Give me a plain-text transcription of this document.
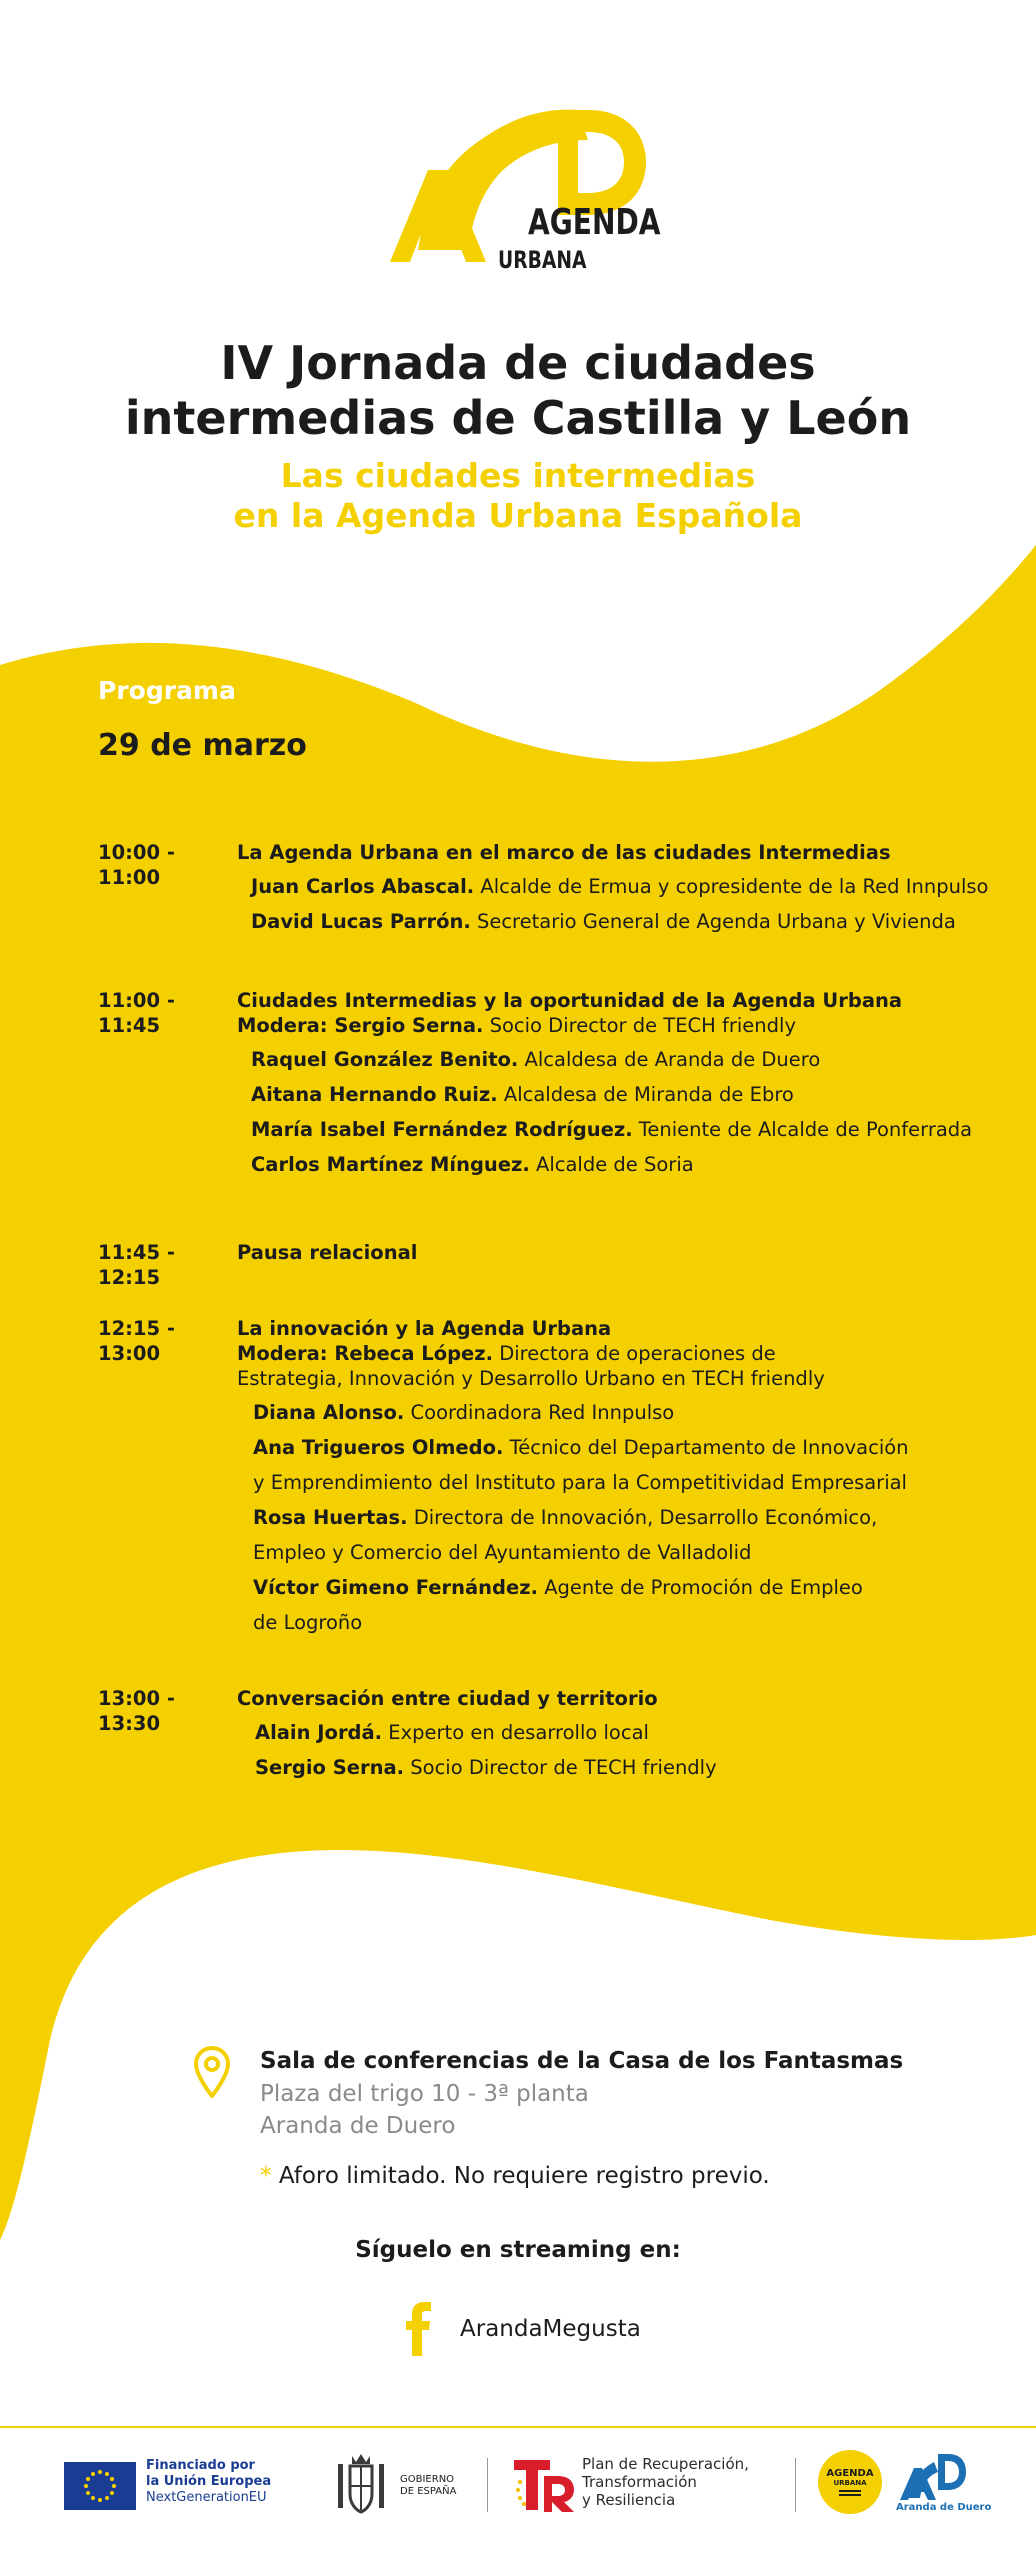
AGENDA
URBANA
IV Jornada de ciudades
intermedias de Castilla y León
Las ciudades intermedias
en la Agenda Urbana Española
Programa
29 de marzo
10:00 - 11:00
La Agenda Urbana en el marco de las ciudades Intermedias
Juan Carlos Abascal. Alcalde de Ermua y copresidente de la Red Innpulso
David Lucas Parrón. Secretario General de Agenda Urbana y Vivienda
11:00 - 11:45
Ciudades Intermedias y la oportunidad de la Agenda Urbana
Modera: Sergio Serna. Socio Director de TECH friendly
Raquel González Benito. Alcaldesa de Aranda de Duero
Aitana Hernando Ruiz. Alcaldesa de Miranda de Ebro
María Isabel Fernández Rodríguez. Teniente de Alcalde de Ponferrada
Carlos Martínez Mínguez. Alcalde de Soria
11:45 - 12:15
Pausa relacional
12:15 - 13:00
La innovación y la Agenda Urbana
Modera: Rebeca López. Directora de operaciones de Estrategia, Innovación y Desarrollo Urbano en TECH friendly
Diana Alonso. Coordinadora Red Innpulso
Ana Trigueros Olmedo. Técnico del Departamento de Innovación
y Emprendimiento del Instituto para la Competitividad Empresarial
Rosa Huertas. Directora de Innovación, Desarrollo Económico,
Empleo y Comercio del Ayuntamiento de Valladolid
Víctor Gimeno Fernández. Agente de Promoción de Empleo
de Logroño
13:00 - 13:30
Conversación entre ciudad y territorio
Alain Jordá. Experto en desarrollo local
Sergio Serna. Socio Director de TECH friendly
Sala de conferencias de la Casa de los Fantasmas
Plaza del trigo 10 - 3ª planta
Aranda de Duero
* Aforo limitado. No requiere registro previo.
Síguelo en streaming en:
ArandaMegusta
Financiado por
la Unión Europea
NextGenerationEU
GOBIERNO
DE ESPAÑA
Plan de Recuperación,
Transformación
y Resiliencia
AGENDA
URBANA
Aranda de Duero
